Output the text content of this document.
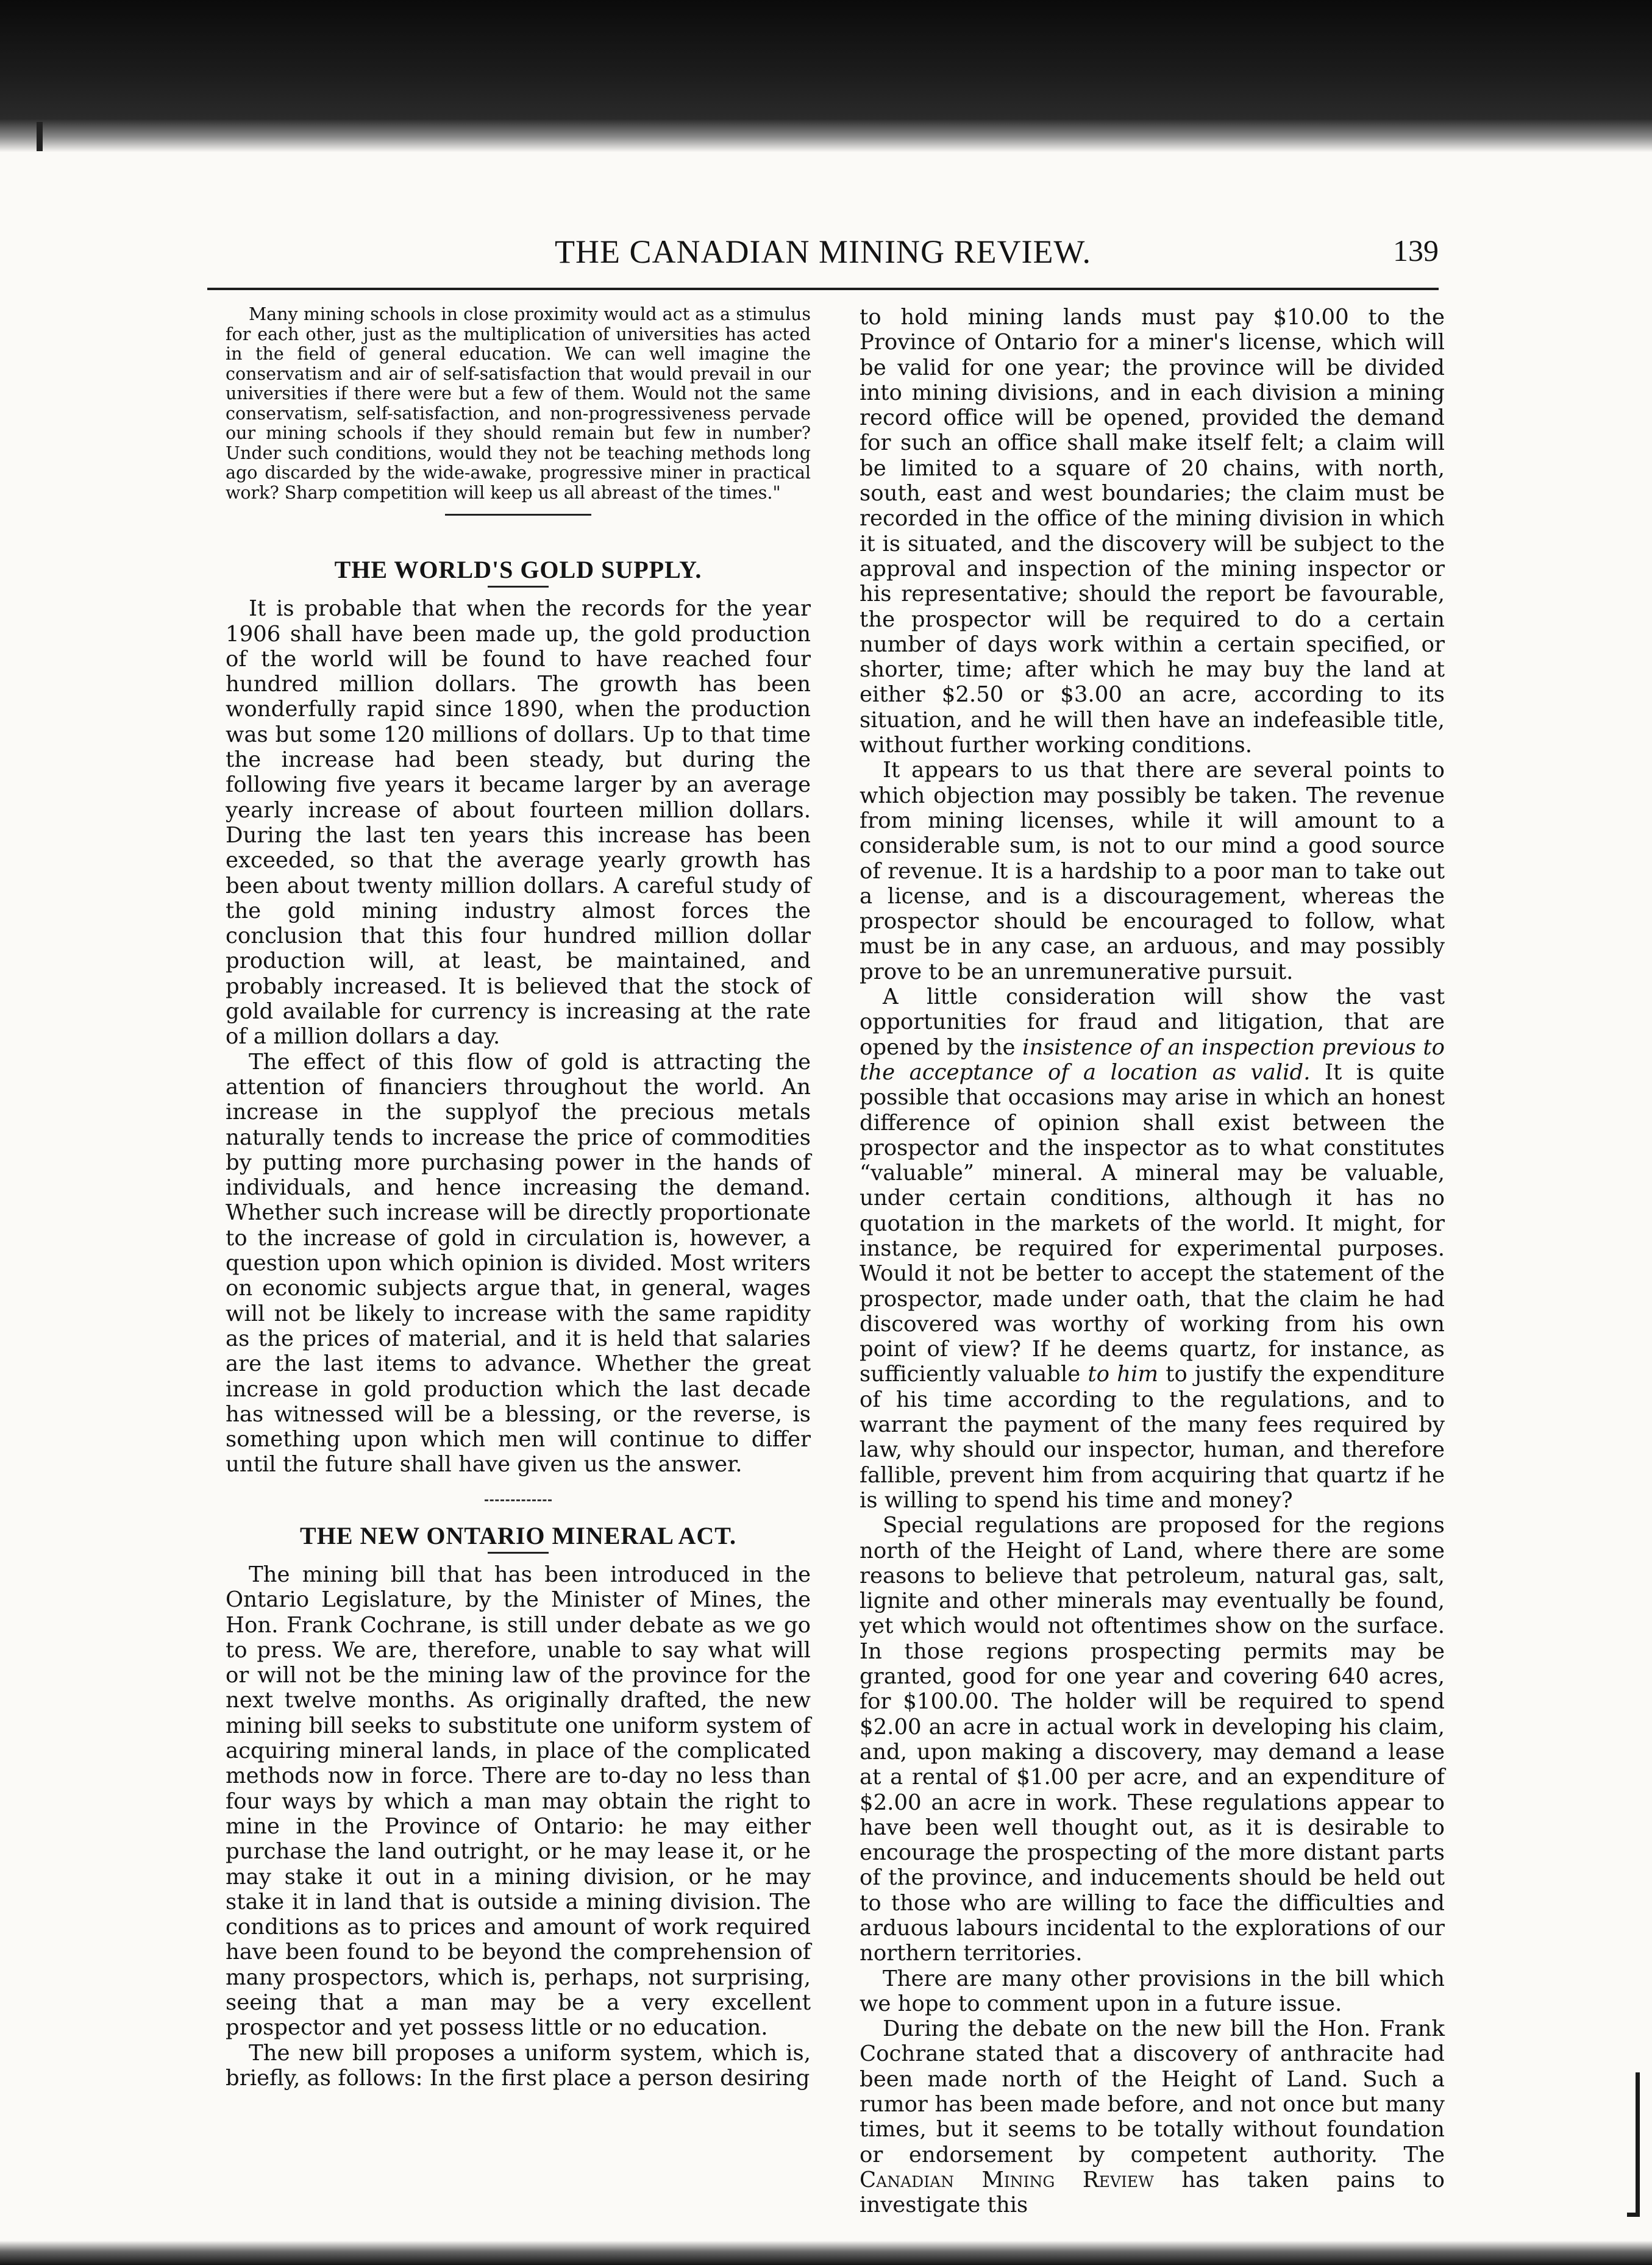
THE CANADIAN MINING REVIEW.	139

Many mining schools in close proximity would act as a stimulus for each other, just as the multiplication of universities has acted in the field of general education. We can well imagine the conservatism and air of self-satisfaction that would prevail in our universities if there were but a few of them. Would not the same conservatism, self-satisfaction, and non-progressiveness pervade our mining schools if they should remain but few in number? Under such conditions, would they not be teaching methods long ago discarded by the wide-awake, progressive miner in practical work? Sharp competition will keep us all abreast of the times."

THE WORLD'S GOLD SUPPLY.

It is probable that when the records for the year 1906 shall have been made up, the gold production of the world will be found to have reached four hundred million dollars. The growth has been wonderfully rapid since 1890, when the production was but some 120 millions of dollars. Up to that time the increase had been steady, but during the following five years it became larger by an average yearly increase of about fourteen million dollars. During the last ten years this increase has been exceeded, so that the average yearly growth has been about twenty million dollars. A careful study of the gold mining industry almost forces the conclusion that this four hundred million dollar production will, at least, be maintained, and probably increased. It is believed that the stock of gold available for currency is increasing at the rate of a million dollars a day.

The effect of this flow of gold is attracting the attention of financiers throughout the world. An increase in the supplyof the precious metals naturally tends to increase the price of commodities by putting more purchasing power in the hands of individuals, and hence increasing the demand. Whether such increase will be directly proportionate to the increase of gold in circulation is, however, a question upon which opinion is divided. Most writers on economic subjects argue that, in general, wages will not be likely to increase with the same rapidity as the prices of material, and it is held that salaries are the last items to advance. Whether the great increase in gold production which the last decade has witnessed will be a blessing, or the reverse, is something upon which men will continue to differ until the future shall have given us the answer.

THE NEW ONTARIO MINERAL ACT.

The mining bill that has been introduced in the Ontario Legislature, by the Minister of Mines, the Hon. Frank Cochrane, is still under debate as we go to press. We are, therefore, unable to say what will or will not be the mining law of the province for the next twelve months. As originally drafted, the new mining bill seeks to substitute one uniform system of acquiring mineral lands, in place of the complicated methods now in force. There are to-day no less than four ways by which a man may obtain the right to mine in the Province of Ontario: he may either purchase the land outright, or he may lease it, or he may stake it out in a mining division, or he may stake it in land that is outside a mining division. The conditions as to prices and amount of work required have been found to be beyond the comprehension of many prospectors, which is, perhaps, not surprising, seeing that a man may be a very excellent prospector and yet possess little or no education.

The new bill proposes a uniform system, which is, briefly, as follows: In the first place a person desiring

to hold mining lands must pay $10.00 to the Province of Ontario for a miner's license, which will be valid for one year; the province will be divided into mining divisions, and in each division a mining record office will be opened, provided the demand for such an office shall make itself felt; a claim will be limited to a square of 20 chains, with north, south, east and west boundaries; the claim must be recorded in the office of the mining division in which it is situated, and the discovery will be subject to the approval and inspection of the mining inspector or his representative; should the report be favourable, the prospector will be required to do a certain number of days work within a certain specified, or shorter, time; after which he may buy the land at either $2.50 or $3.00 an acre, according to its situation, and he will then have an indefeasible title, without further working conditions.

It appears to us that there are several points to which objection may possibly be taken. The revenue from mining licenses, while it will amount to a considerable sum, is not to our mind a good source of revenue. It is a hardship to a poor man to take out a license, and is a discouragement, whereas the prospector should be encouraged to follow, what must be in any case, an arduous, and may possibly prove to be an unremunerative pursuit.

A little consideration will show the vast opportunities for fraud and litigation, that are opened by the insistence of an inspection previous to the acceptance of a location as valid. It is quite possible that occasions may arise in which an honest difference of opinion shall exist between the prospector and the inspector as to what constitutes “valuable” mineral. A mineral may be valuable, under certain conditions, although it has no quotation in the markets of the world. It might, for instance, be required for experimental purposes. Would it not be better to accept the statement of the prospector, made under oath, that the claim he had discovered was worthy of working from his own point of view? If he deems quartz, for instance, as sufficiently valuable to him to justify the expenditure of his time according to the regulations, and to warrant the payment of the many fees required by law, why should our inspector, human, and therefore fallible, prevent him from acquiring that quartz if he is willing to spend his time and money?

Special regulations are proposed for the regions north of the Height of Land, where there are some reasons to believe that petroleum, natural gas, salt, lignite and other minerals may eventually be found, yet which would not oftentimes show on the surface. In those regions prospecting permits may be granted, good for one year and covering 640 acres, for $100.00. The holder will be required to spend $2.00 an acre in actual work in developing his claim, and, upon making a discovery, may demand a lease at a rental of $1.00 per acre, and an expenditure of $2.00 an acre in work. These regulations appear to have been well thought out, as it is desirable to encourage the prospecting of the more distant parts of the province, and inducements should be held out to those who are willing to face the difficulties and arduous labours incidental to the explorations of our northern territories.

There are many other provisions in the bill which we hope to comment upon in a future issue.

During the debate on the new bill the Hon. Frank Cochrane stated that a discovery of anthracite had been made north of the Height of Land. Such a rumor has been made before, and not once but many times, but it seems to be totally without foundation or endorsement by competent authority. The Canadian Mining Review has taken pains to investigate this
